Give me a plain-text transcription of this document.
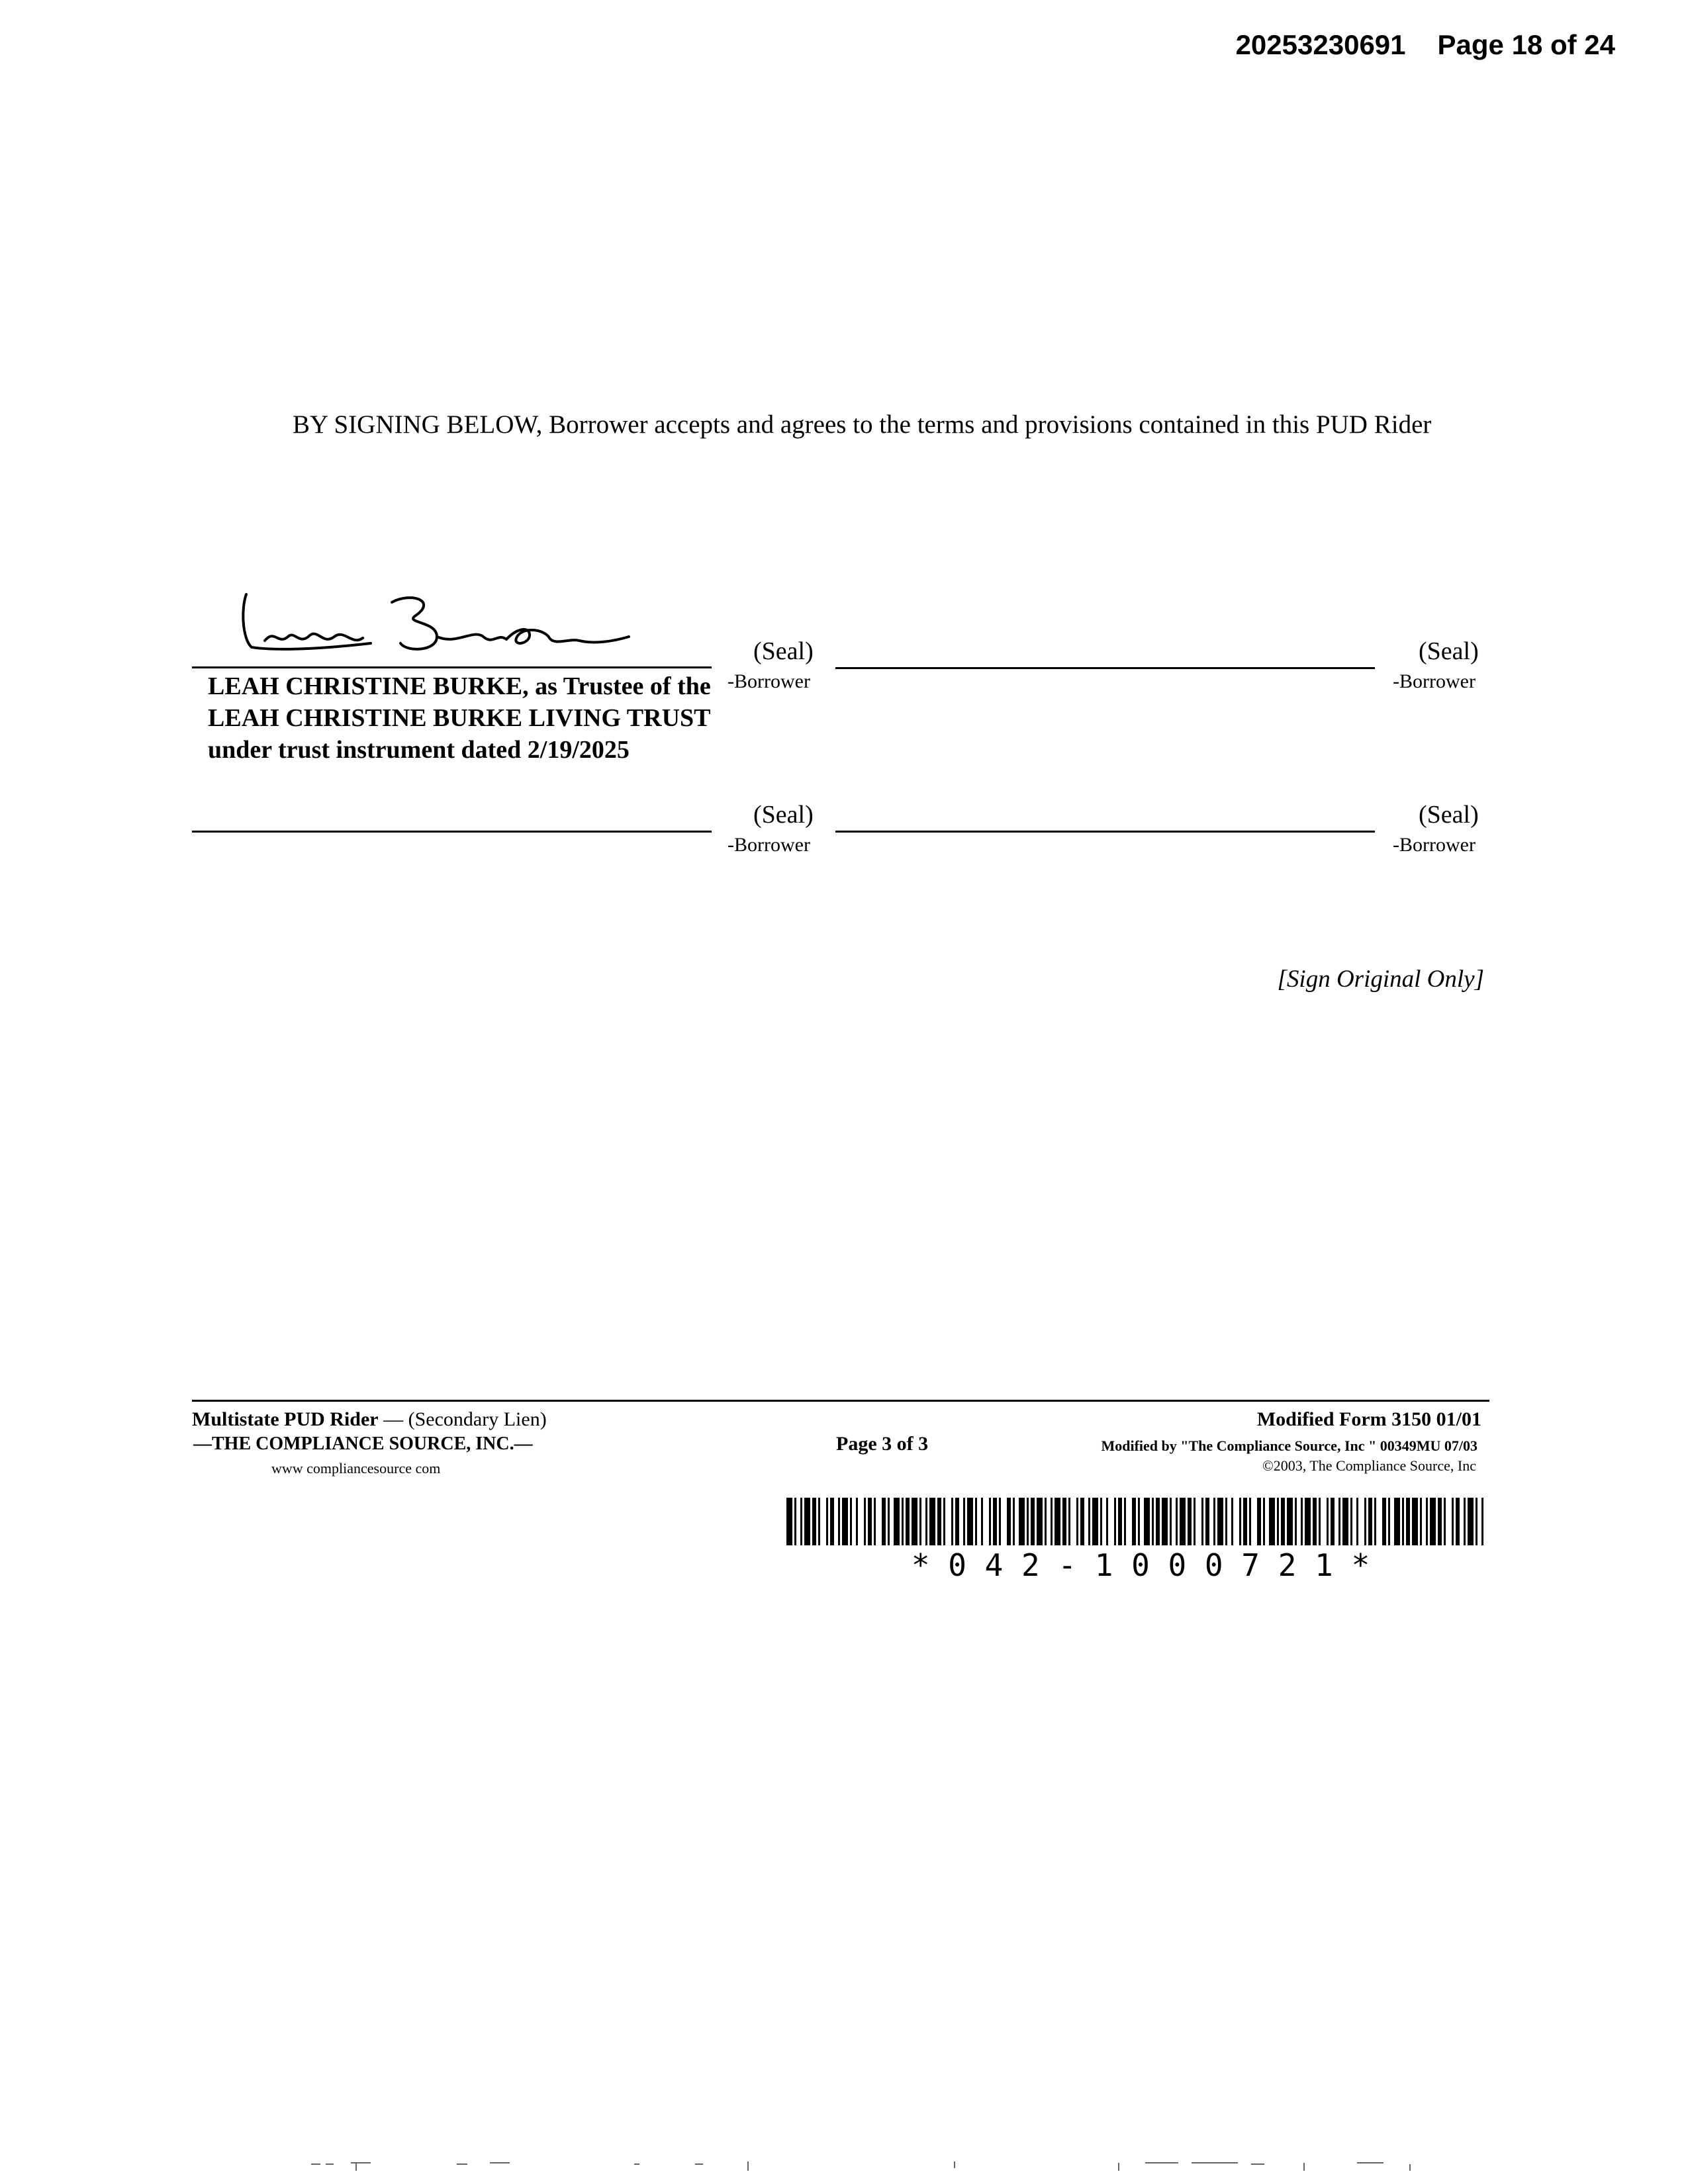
20253230691 Page 18 of 24
BY SIGNING BELOW, Borrower accepts and agrees to the terms and provisions contained in this PUD Rider
(Seal)
-Borrower
LEAH CHRISTINE BURKE, as Trustee of the LEAH CHRISTINE BURKE LIVING TRUST under trust instrument dated 2/19/2025
(Seal)
-Borrower
(Seal)
-Borrower
(Seal)
-Borrower
[Sign Original Only]
Multistate PUD Rider — (Secondary Lien)
—THE COMPLIANCE SOURCE, INC.—
www compliancesource com
Page 3 of 3
Modified Form 3150 01/01
Modified by "The Compliance Source, Inc " 00349MU 07/03
©2003, The Compliance Source, Inc
* 0 4 2 - 1 0 0 0 7 2 1 *
